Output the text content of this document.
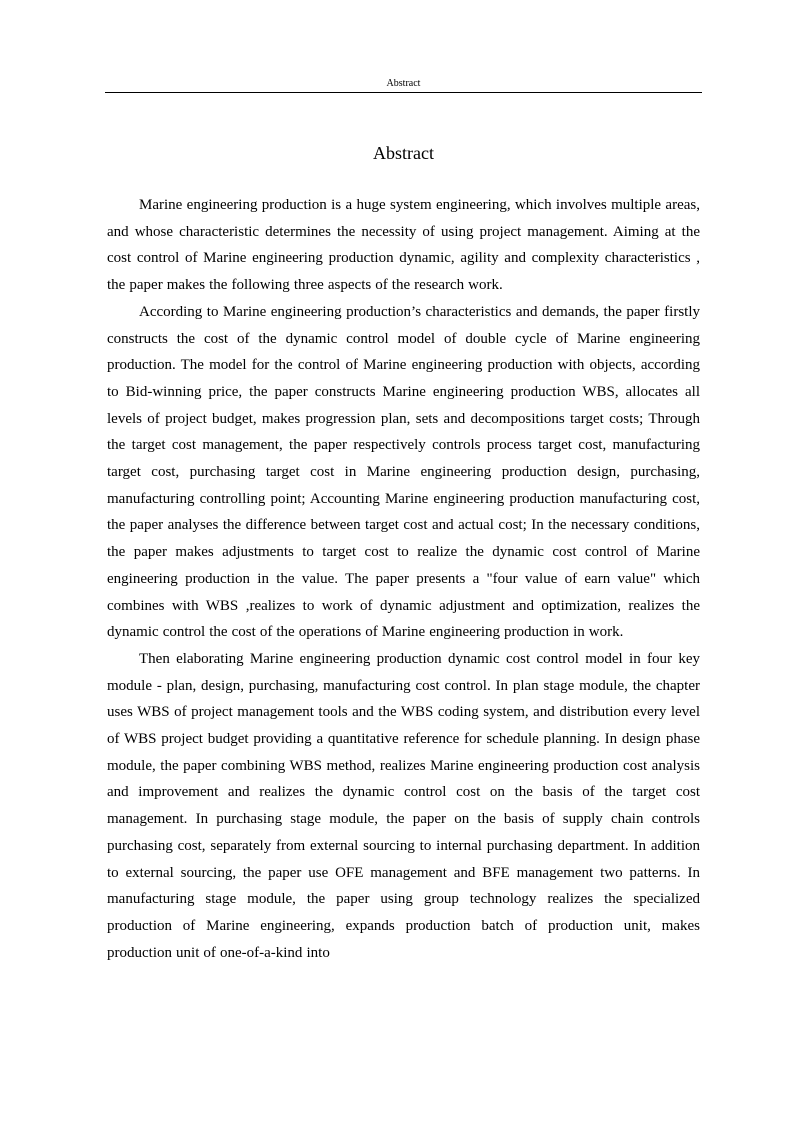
Abstract
Abstract

Marine engineering production is a huge system engineering, which involves multiple areas, and whose characteristic determines the necessity of using project management. Aiming at the cost control of Marine engineering production dynamic, agility and complexity characteristics , the paper makes the following three aspects of the research work.

According to Marine engineering production’s characteristics and demands, the paper firstly constructs the cost of the dynamic control model of double cycle of Marine engineering production. The model for the control of Marine engineering production with objects, according to Bid-winning price, the paper constructs Marine engineering production WBS, allocates all levels of project budget, makes progression plan, sets and decompositions target costs; Through the target cost management, the paper respectively controls process target cost, manufacturing target cost, purchasing target cost in Marine engineering production design, purchasing, manufacturing controlling point; Accounting Marine engineering production manufacturing cost, the paper analyses the difference between target cost and actual cost; In the necessary conditions, the paper makes adjustments to target cost to realize the dynamic cost control of Marine engineering production in the value. The paper presents a "four value of earn value" which combines with WBS ,realizes to work of dynamic adjustment and optimization, realizes the dynamic control the cost of the operations of Marine engineering production in work.

Then elaborating Marine engineering production dynamic cost control model in four key module - plan, design, purchasing, manufacturing cost control. In plan stage module, the chapter uses WBS of project management tools and the WBS coding system, and distribution every level of WBS project budget providing a quantitative reference for schedule planning. In design phase module, the paper combining WBS method, realizes Marine engineering production cost analysis and improvement and realizes the dynamic control cost on the basis of the target cost management. In purchasing stage module, the paper on the basis of supply chain controls purchasing cost, separately from external sourcing to internal purchasing department. In addition to external sourcing, the paper use OFE management and BFE management two patterns. In manufacturing stage module, the paper using group technology realizes the specialized production of Marine engineering, expands production batch of production unit, makes production unit of one-of-a-kind into
